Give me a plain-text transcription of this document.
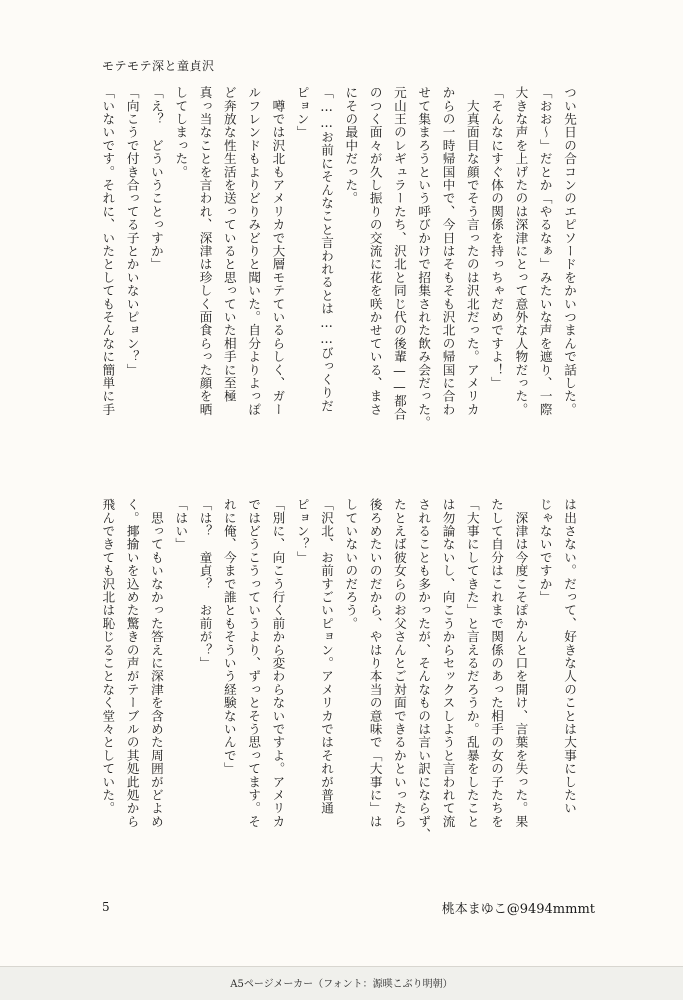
モテモテ深と童貞沢

つい先日の合コンのエピソードをかいつまんで話した。

「おお〜」だとか「やるなぁ」みたいな声を遮り、一際

大きな声を上げたのは深津にとって意外な人物だった。

「そんなにすぐ体の関係を持っちゃだめですよ！」

　大真面目な顔でそう言ったのは沢北だった。アメリカ

からの一時帰国中で、今日はそもそも沢北の帰国に合わ

せて集まろうという呼びかけで招集された飲み会だった。

元山王のレギュラーたち、沢北と同じ代の後輩——都合

のつく面々が久し振りの交流に花を咲かせている、まさ

にその最中だった。

「……お前にそんなこと言われるとは……びっくりだ

ピョン」

　噂では沢北もアメリカで大層モテているらしく、ガー

ルフレンドもよりどりみどりと聞いた。自分よりよっぽ

ど奔放な性生活を送っていると思っていた相手に至極

真っ当なことを言われ、深津は珍しく面食らった顔を晒

してしまった。

「え？　どういうことっすか」

「向こうで付き合ってる子とかいないピョン？」

「いないです。それに、いたとしてもそんなに簡単に手

は出さない。だって、好きな人のことは大事にしたい

じゃないですか」

　深津は今度こそぽかんと口を開け、言葉を失った。果

たして自分はこれまで関係のあった相手の女の子たちを

「大事にしてきた」と言えるだろうか。乱暴をしたこと

は勿論ないし、向こうからセックスしようと言われて流

されることも多かったが、そんなものは言い訳にならず、

たとえば彼女らのお父さんとご対面できるかといったら

後ろめたいのだから、やはり本当の意味で「大事に」は

していないのだろう。

「沢北、お前すごいピョン。アメリカではそれが普通

ピョン？」

「別に、向こう行く前から変わらないですよ。アメリカ

ではどうこうっていうより、ずっとそう思ってます。そ

れに俺、今まで誰ともそういう経験ないんで」

「は？　童貞？　お前が？」

「はい」

　思ってもいなかった答えに深津を含めた周囲がどよめ

く。揶揄いを込めた驚きの声がテーブルの其処此処から

飛んできても沢北は恥じることなく堂々としていた。

5	桃本まゆこ@9494mmmt
A5ページメーカー（フォント：源暎こぶり明朝）
